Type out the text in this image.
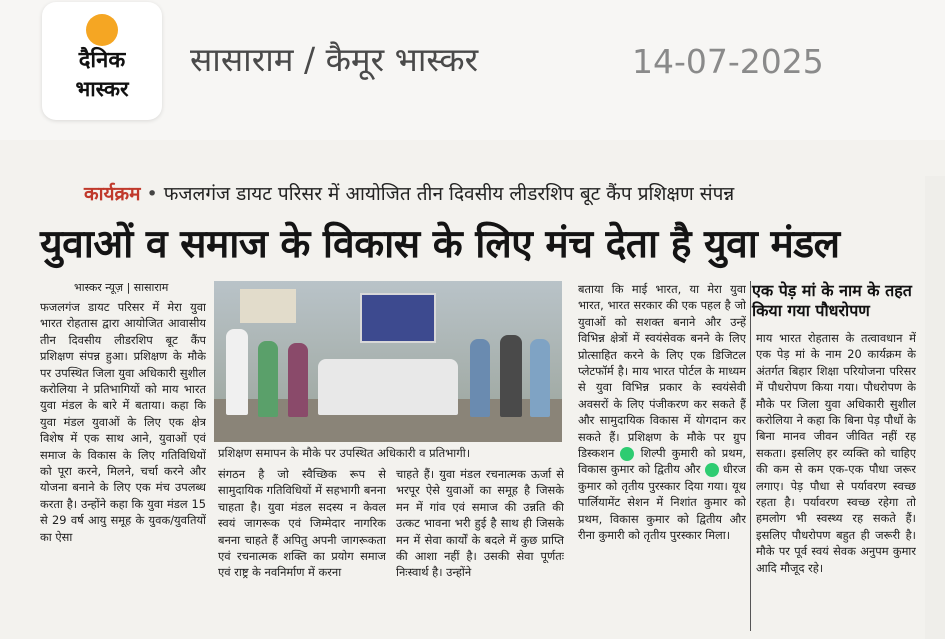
दैनिक
भास्कर
सासाराम / कैमूर भास्कर	14-07-2025
कार्यक्रम • फजलगंज डायट परिसर में आयोजित तीन दिवसीय लीडरशिप बूट कैंप प्रशिक्षण संपन्न
युवाओं व समाज के विकास के लिए मंच देता है युवा मंडल
भास्कर न्यूज़ | सासाराम

फजलगंज डायट परिसर में मेरा युवा भारत रोहतास द्वारा आयोजित आवासीय तीन दिवसीय लीडरशिप बूट कैंप प्रशिक्षण संपन्न हुआ। प्रशिक्षण के मौके पर उपस्थित जिला युवा अधिकारी सुशील करोलिया ने प्रतिभागियों को माय भारत युवा मंडल के बारे में बताया। कहा कि युवा मंडल युवाओं के लिए एक क्षेत्र विशेष में एक साथ आने, युवाओं एवं समाज के विकास के लिए गतिविधियों को पूरा करने, मिलने, चर्चा करने और योजना बनाने के लिए एक मंच उपलब्ध करता है। उन्होंने कहा कि युवा मंडल 15 से 29 वर्ष आयु समूह के युवक/युवतियों का ऐसा

प्रशिक्षण समापन के मौके पर उपस्थित अधिकारी व प्रतिभागी।

संगठन है जो स्वैच्छिक रूप से सामुदायिक गतिविधियों में सहभागी बनना चाहता है। युवा मंडल सदस्य न केवल स्वयं जागरूक एवं जिम्मेदार नागरिक बनना चाहते हैं अपितु अपनी जागरूकता एवं रचनात्मक शक्ति का प्रयोग समाज एवं राष्ट्र के नवनिर्माण में करना

चाहते हैं। युवा मंडल रचनात्मक ऊर्जा से भरपूर ऐसे युवाओं का समूह है जिसके मन में गांव एवं समाज की उन्नति की उत्कट भावना भरी हुई है साथ ही जिसके मन में सेवा कार्यों के बदले में कुछ प्राप्ति की आशा नहीं है। उसकी सेवा पूर्णतः निःस्वार्थ है। उन्होंने

बताया कि माई भारत, या मेरा युवा भारत, भारत सरकार की एक पहल है जो युवाओं को सशक्त बनाने और उन्हें विभिन्न क्षेत्रों में स्वयंसेवक बनने के लिए प्रोत्साहित करने के लिए एक डिजिटल प्लेटफॉर्म है। माय भारत पोर्टल के माध्यम से युवा विभिन्न प्रकार के स्वयंसेवी अवसरों के लिए पंजीकरण कर सकते हैं और सामुदायिक विकास में योगदान कर सकते हैं। प्रशिक्षण के मौके पर ग्रुप डिस्कशन शिल्पी कुमारी को प्रथम, विकास कुमार को द्वितीय और धीरज कुमार को तृतीय पुरस्कार दिया गया। यूथ पार्लियामेंट सेशन में निशांत कुमार को प्रथम, विकास कुमार को द्वितीय और रीना कुमारी को तृतीय पुरस्कार मिला।

एक पेड़ मां के नाम के तहत किया गया पौधरोपण

माय भारत रोहतास के तत्वावधान में एक पेड़ मां के नाम 20 कार्यक्रम के अंतर्गत बिहार शिक्षा परियोजना परिसर में पौधरोपण किया गया। पौधरोपण के मौके पर जिला युवा अधिकारी सुशील करोलिया ने कहा कि बिना पेड़ पौधों के बिना मानव जीवन जीवित नहीं रह सकता। इसलिए हर व्यक्ति को चाहिए की कम से कम एक-एक पौधा जरूर लगाए। पेड़ पौधा से पर्यावरण स्वच्छ रहता है। पर्यावरण स्वच्छ रहेगा तो हमलोग भी स्वस्थ्य रह सकते हैं। इसलिए पौधरोपण बहुत ही जरूरी है। मौके पर पूर्व स्वयं सेवक अनुपम कुमार आदि मौजूद रहे।
